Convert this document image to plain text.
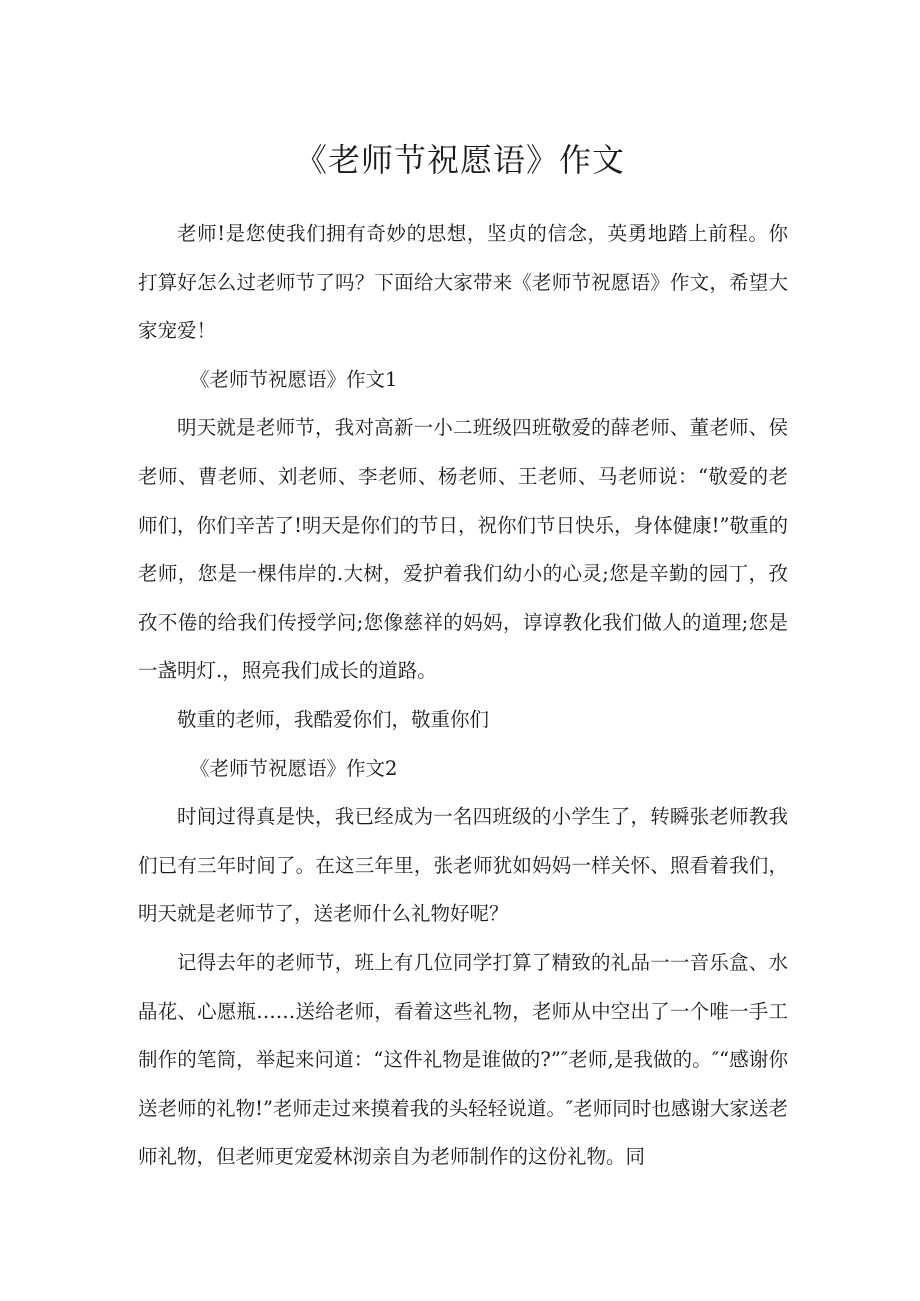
《老师节祝愿语》作文

老师!是您使我们拥有奇妙的思想，坚贞的信念，英勇地踏上前程。你打算好怎么过老师节了吗？下面给大家带来《老师节祝愿语》作文，希望大家宠爱！

《老师节祝愿语》作文1

明天就是老师节，我对高新一小二班级四班敬爱的薛老师、董老师、侯老师、曹老师、刘老师、李老师、杨老师、王老师、马老师说：“敬爱的老师们，你们辛苦了!明天是你们的节日，祝你们节日快乐，身体健康!”敬重的老师，您是一棵伟岸的.大树，爱护着我们幼小的心灵;您是辛勤的园丁，孜孜不倦的给我们传授学问;您像慈祥的妈妈，谆谆教化我们做人的道理;您是一盏明灯.，照亮我们成长的道路。

敬重的老师，我酷爱你们，敬重你们

《老师节祝愿语》作文2

时间过得真是快，我已经成为一名四班级的小学生了，转瞬张老师教我们已有三年时间了。在这三年里，张老师犹如妈妈一样关怀、照看着我们，明天就是老师节了，送老师什么礼物好呢？

记得去年的老师节，班上有几位同学打算了精致的礼品一一音乐盒、水晶花、心愿瓶……送给老师，看着这些礼物，老师从中空出了一个唯一手工制作的笔筒，举起来问道：“这件礼物是谁做的?”″老师,是我做的。″“感谢你送老师的礼物!”老师走过来摸着我的头轻轻说道。″老师同时也感谢大家送老师礼物，但老师更宠爱林沏亲自为老师制作的这份礼物。同
